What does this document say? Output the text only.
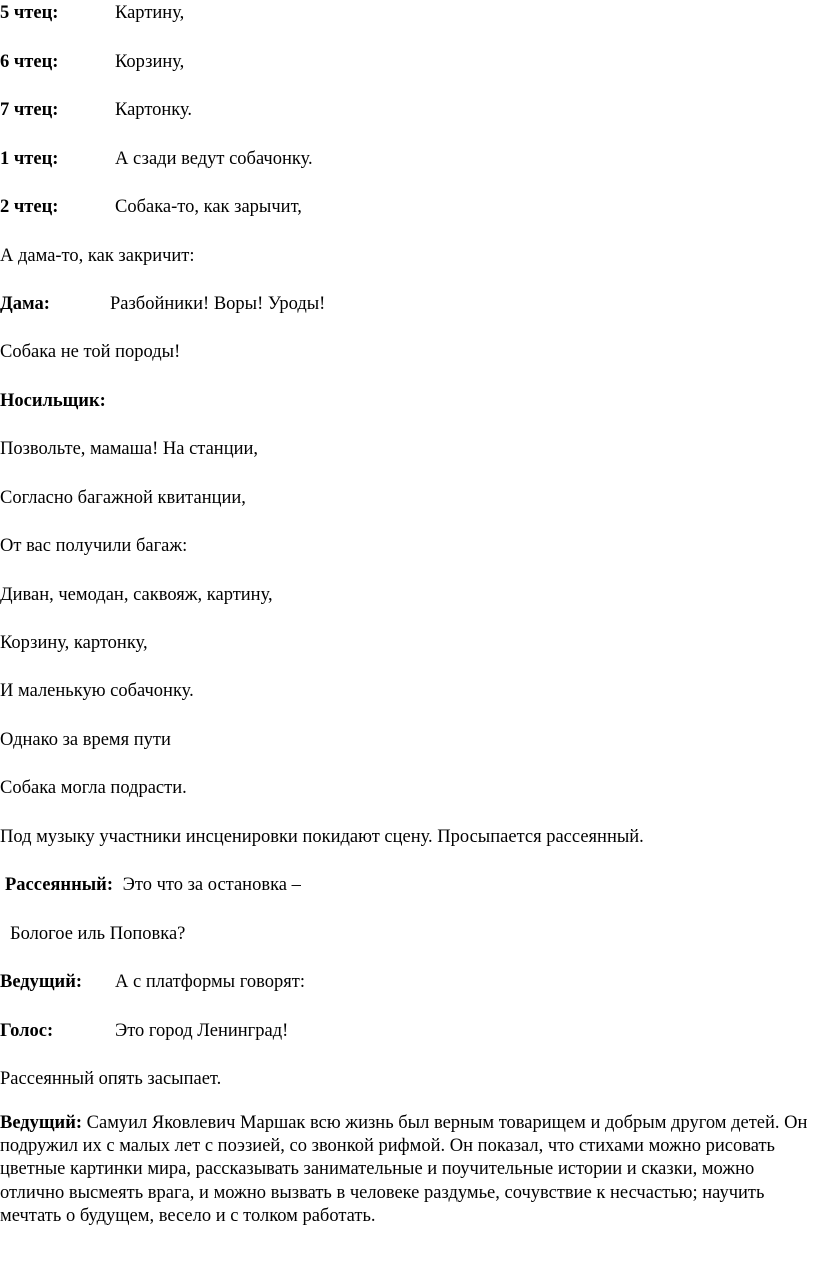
5 чтец:	Картину,
6 чтец:	Корзину,
7 чтец:	Картонку.
1 чтец:	А сзади ведут собачонку.
2 чтец:	Собака-то, как зарычит,
А дама-то, как закричит:
Дама:	Разбойники! Воры! Уроды!
Собака не той породы!
Носильщик:
Позвольте, мамаша! На станции,
Согласно багажной квитанции,
От вас получили багаж:
Диван, чемодан, саквояж, картину,
Корзину, картонку,
И маленькую собачонку.
Однако за время пути
Собака могла подрасти.
Под музыку участники инсценировки покидают сцену. Просыпается рассеянный.
Рассеянный: Это что за остановка –
Бологое иль Поповка?
Ведущий: А с платформы говорят:
Голос:	Это город Ленинград!
Рассеянный опять засыпает.
Ведущий: Самуил Яковлевич Маршак всю жизнь был верным товарищем и добрым другом детей. Он подружил их с малых лет с поэзией, со звонкой рифмой. Он показал, что стихами можно рисовать цветные картинки мира, рассказывать занимательные и поучительные истории и сказки, можно отлично высмеять врага, и можно вызвать в человеке раздумье, сочувствие к несчастью; научить мечтать о будущем, весело и с толком работать.
